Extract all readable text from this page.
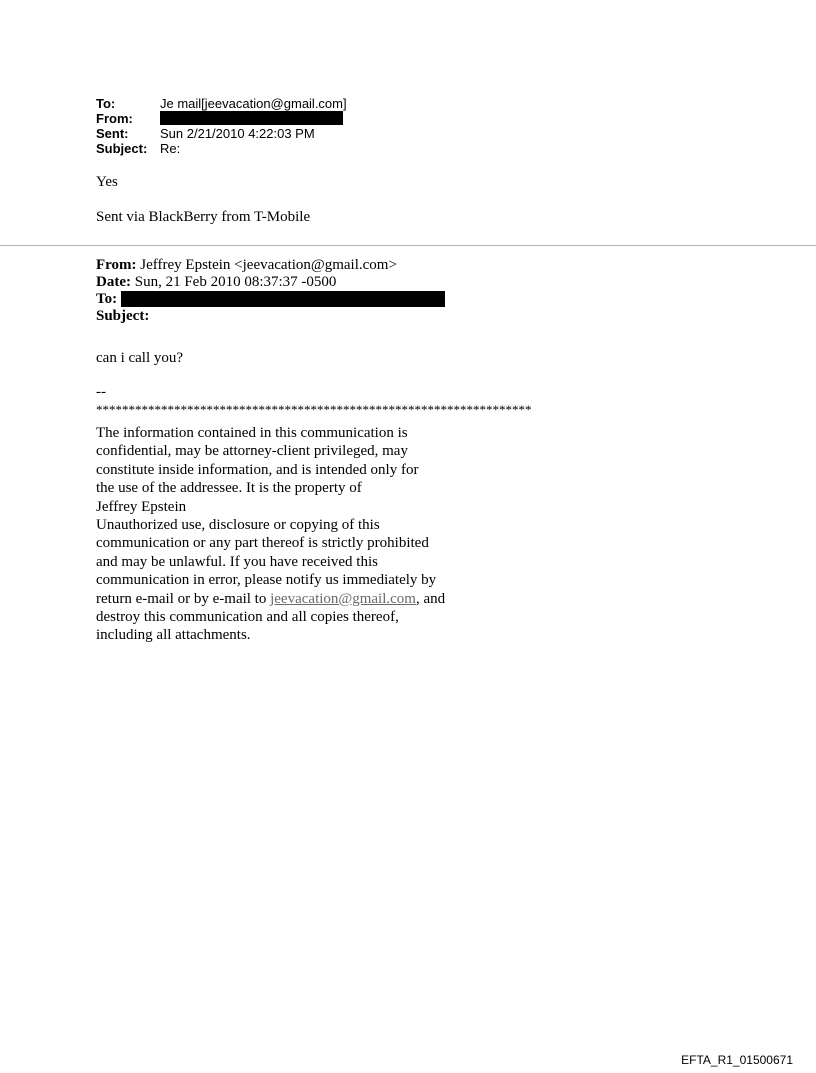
To:	Je mail[jeevacation@gmail.com]
From:
Sent:	Sun 2/21/2010 4:22:03 PM
Subject: Re:
Yes
Sent via BlackBerry from T-Mobile
From: Jeffrey Epstein <jeevacation@gmail.com>
Date: Sun, 21 Feb 2010 08:37:37 -0500
To:
Subject:
can i call you?
--
*******************************************************************
The information contained in this communication is
confidential, may be attorney-client privileged, may
constitute inside information, and is intended only for
the use of the addressee. It is the property of
Jeffrey Epstein
Unauthorized use, disclosure or copying of this
communication or any part thereof is strictly prohibited
and may be unlawful. If you have received this
communication in error, please notify us immediately by
return e-mail or by e-mail to jeevacation@gmail.com, and
destroy this communication and all copies thereof,
including all attachments.
EFTA_R1_01500671
